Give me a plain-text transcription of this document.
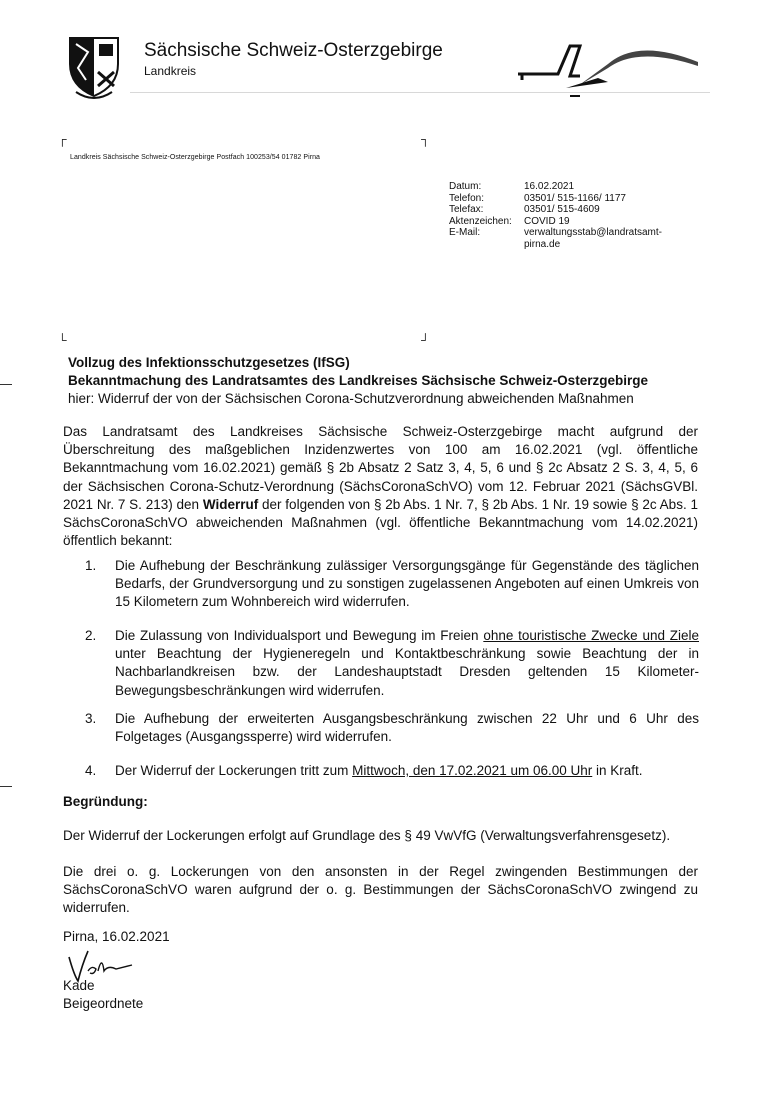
Sächsische Schweiz-Osterzgebirge
Landkreis
┌	┐
└	┘
Landkreis Sächsische Schweiz-Osterzgebirge Postfach 100253/54 01782 Pirna
Datum:	16.02.2021
Telefon:	03501/ 515-1166/ 1177
Telefax:	03501/ 515-4609
Aktenzeichen:	COVID 19
E-Mail:	verwaltungsstab@landratsamt-pirna.de
Vollzug des Infektionsschutzgesetzes (IfSG)
Bekanntmachung des Landratsamtes des Landkreises Sächsische Schweiz-Osterzgebirge
hier: Widerruf der von der Sächsischen Corona-Schutzverordnung abweichenden Maßnahmen
Das Landratsamt des Landkreises Sächsische Schweiz-Osterzgebirge macht aufgrund der Überschreitung des maßgeblichen Inzidenzwertes von 100 am 16.02.2021 (vgl. öffentliche Bekanntmachung vom 16.02.2021) gemäß § 2b Absatz 2 Satz 3, 4, 5, 6 und § 2c Absatz 2 S. 3, 4, 5, 6 der Sächsischen Corona-Schutz-Verordnung (SächsCoronaSchVO) vom 12. Februar 2021 (SächsGVBl. 2021 Nr. 7 S. 213) den Widerruf der folgenden von § 2b Abs. 1 Nr. 7, § 2b Abs. 1 Nr. 19 sowie § 2c Abs. 1 SächsCoronaSchVO abweichenden Maßnahmen (vgl. öffentliche Bekanntmachung vom 14.02.2021) öffentlich bekannt:
1. Die Aufhebung der Beschränkung zulässiger Versorgungsgänge für Gegenstände des täglichen Bedarfs, der Grundversorgung und zu sonstigen zugelassenen Angeboten auf einen Umkreis von 15 Kilometern zum Wohnbereich wird widerrufen.
2. Die Zulassung von Individualsport und Bewegung im Freien ohne touristische Zwecke und Ziele unter Beachtung der Hygieneregeln und Kontaktbeschränkung sowie Beachtung der in Nachbarlandkreisen bzw. der Landeshauptstadt Dresden geltenden 15 Kilometer-Bewegungsbeschränkungen wird widerrufen.
3. Die Aufhebung der erweiterten Ausgangsbeschränkung zwischen 22 Uhr und 6 Uhr des Folgetages (Ausgangssperre) wird widerrufen.
4. Der Widerruf der Lockerungen tritt zum Mittwoch, den 17.02.2021 um 06.00 Uhr in Kraft.
Begründung:
Der Widerruf der Lockerungen erfolgt auf Grundlage des § 49 VwVfG (Verwaltungsverfahrensgesetz).
Die drei o. g. Lockerungen von den ansonsten in der Regel zwingenden Bestimmungen der SächsCoronaSchVO waren aufgrund der o. g. Bestimmungen der SächsCoronaSchVO zwingend zu widerrufen.
Pirna, 16.02.2021
Kade
Beigeordnete
